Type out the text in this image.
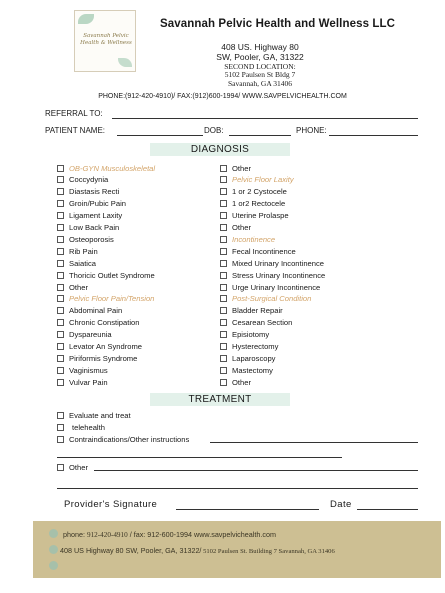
Savannah Pelvic Health & Wellness
Savannah Pelvic Health and Wellness LLC
408 US. Highway 80
SW, Pooler, GA, 31322
SECOND LOCATION:
5102 Paulsen St Bldg 7
Savannah, GA 31406
PHONE:(912-420-4910)/ FAX:(912)600-1994/ WWW.SAVPELVICHEALTH.COM
REFERRAL TO:
PATIENT NAME:	DOB:	PHONE:
DIAGNOSIS
OB-GYN Musculoskeletal
Coccydynia
Diastasis Recti
Groin/Pubic Pain
Ligament Laxity
Low Back Pain
Osteoporosis
Rib Pain
Saiatica
Thoricic Outlet Syndrome
Other
Pelvic Floor Pain/Tension
Abdominal Pain
Chronic Constipation
Dyspareunia
Levator An Syndrome
Piriformis Syndrome
Vaginismus
Vulvar Pain
Other
Pelvic Floor Laxity
1 or 2 Cystocele
1 or2 Rectocele
Uterine Prolaspe
Other
Incontinence
Fecal Incontinence
Mixed Urinary Incontinence
Stress Urinary Incontinence
Urge Urinary Incontinence
Post-Surgical Condition
Bladder Repair
Cesarean Section
Episiotomy
Hysterectomy
Laparoscopy
Mastectomy
Other
TREATMENT
Evaluate and treat
telehealth
Contraindications/Other instructions
Other
Provider's Signature	Date
phone: 912-420-4910 / fax: 912-600-1994 www.savpelvichealth.com
408 US Highway 80 SW, Pooler, GA, 31322/ 5102 Paulsen St. Building 7 Savannah, GA 31406
